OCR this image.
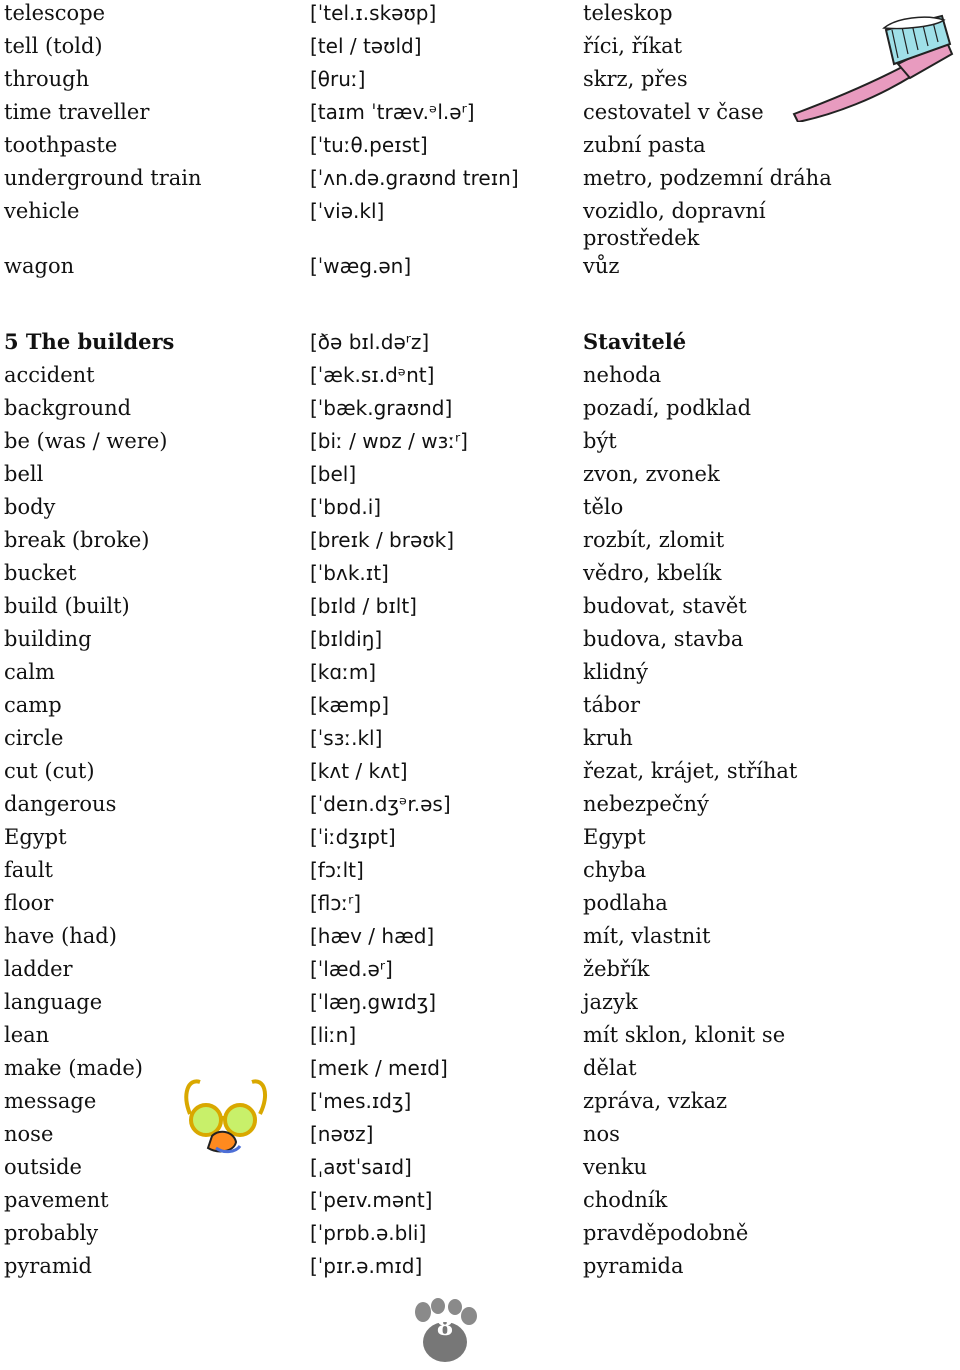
telescope	[ˈtel.ɪ.skəʊp]	teleskop
tell (told)	[tel / təʊld]	říci, říkat
through	[θruː]	skrz, přes
time traveller	[taɪm ˈtræv.ᵊl.əʳ]	cestovatel v čase
toothpaste	[ˈtuːθ.peɪst]	zubní pasta
underground train	[ˈʌn.də.graʊnd treɪn]	metro, podzemní dráha
vehicle	[ˈviə.kl]	vozidlo, dopravní prostředek
wagon	[ˈwæg.ən]	vůz
5 The builders	[ðə bɪl.dəʳz]	Stavitelé
accident	[ˈæk.sɪ.dᵊnt]	nehoda
background	[ˈbæk.graʊnd]	pozadí, podklad
be (was / were)	[biː / wɒz / wɜːʳ]	být
bell	[bel]	zvon, zvonek
body	[ˈbɒd.i]	tělo
break (broke)	[breɪk / brəʊk]	rozbít, zlomit
bucket	[ˈbʌk.ɪt]	vědro, kbelík
build (built)	[bɪld / bɪlt]	budovat, stavět
building	[bɪldiŋ]	budova, stavba
calm	[kɑːm]	klidný
camp	[kæmp]	tábor
circle	[ˈsɜː.kl]	kruh
cut (cut)	[kʌt / kʌt]	řezat, krájet, stříhat
dangerous	[ˈdeɪn.dʒᵊr.əs]	nebezpečný
Egypt	[ˈiːdʒɪpt]	Egypt
fault	[fɔːlt]	chyba
floor	[flɔːʳ]	podlaha
have (had)	[hæv / hæd]	mít, vlastnit
ladder	[ˈlæd.əʳ]	žebřík
language	[ˈlæŋ.gwɪdʒ]	jazyk
lean	[liːn]	mít sklon, klonit se
make (made)	[meɪk / meɪd]	dělat
message	[ˈmes.ɪdʒ]	zpráva, vzkaz
nose	[nəʊz]	nos
outside	[ˌaʊtˈsaɪd]	venku
pavement	[ˈpeɪv.mənt]	chodník
probably	[ˈprɒb.ə.bli]	pravděpodobně
pyramid	[ˈpɪr.ə.mɪd]	pyramida
8
